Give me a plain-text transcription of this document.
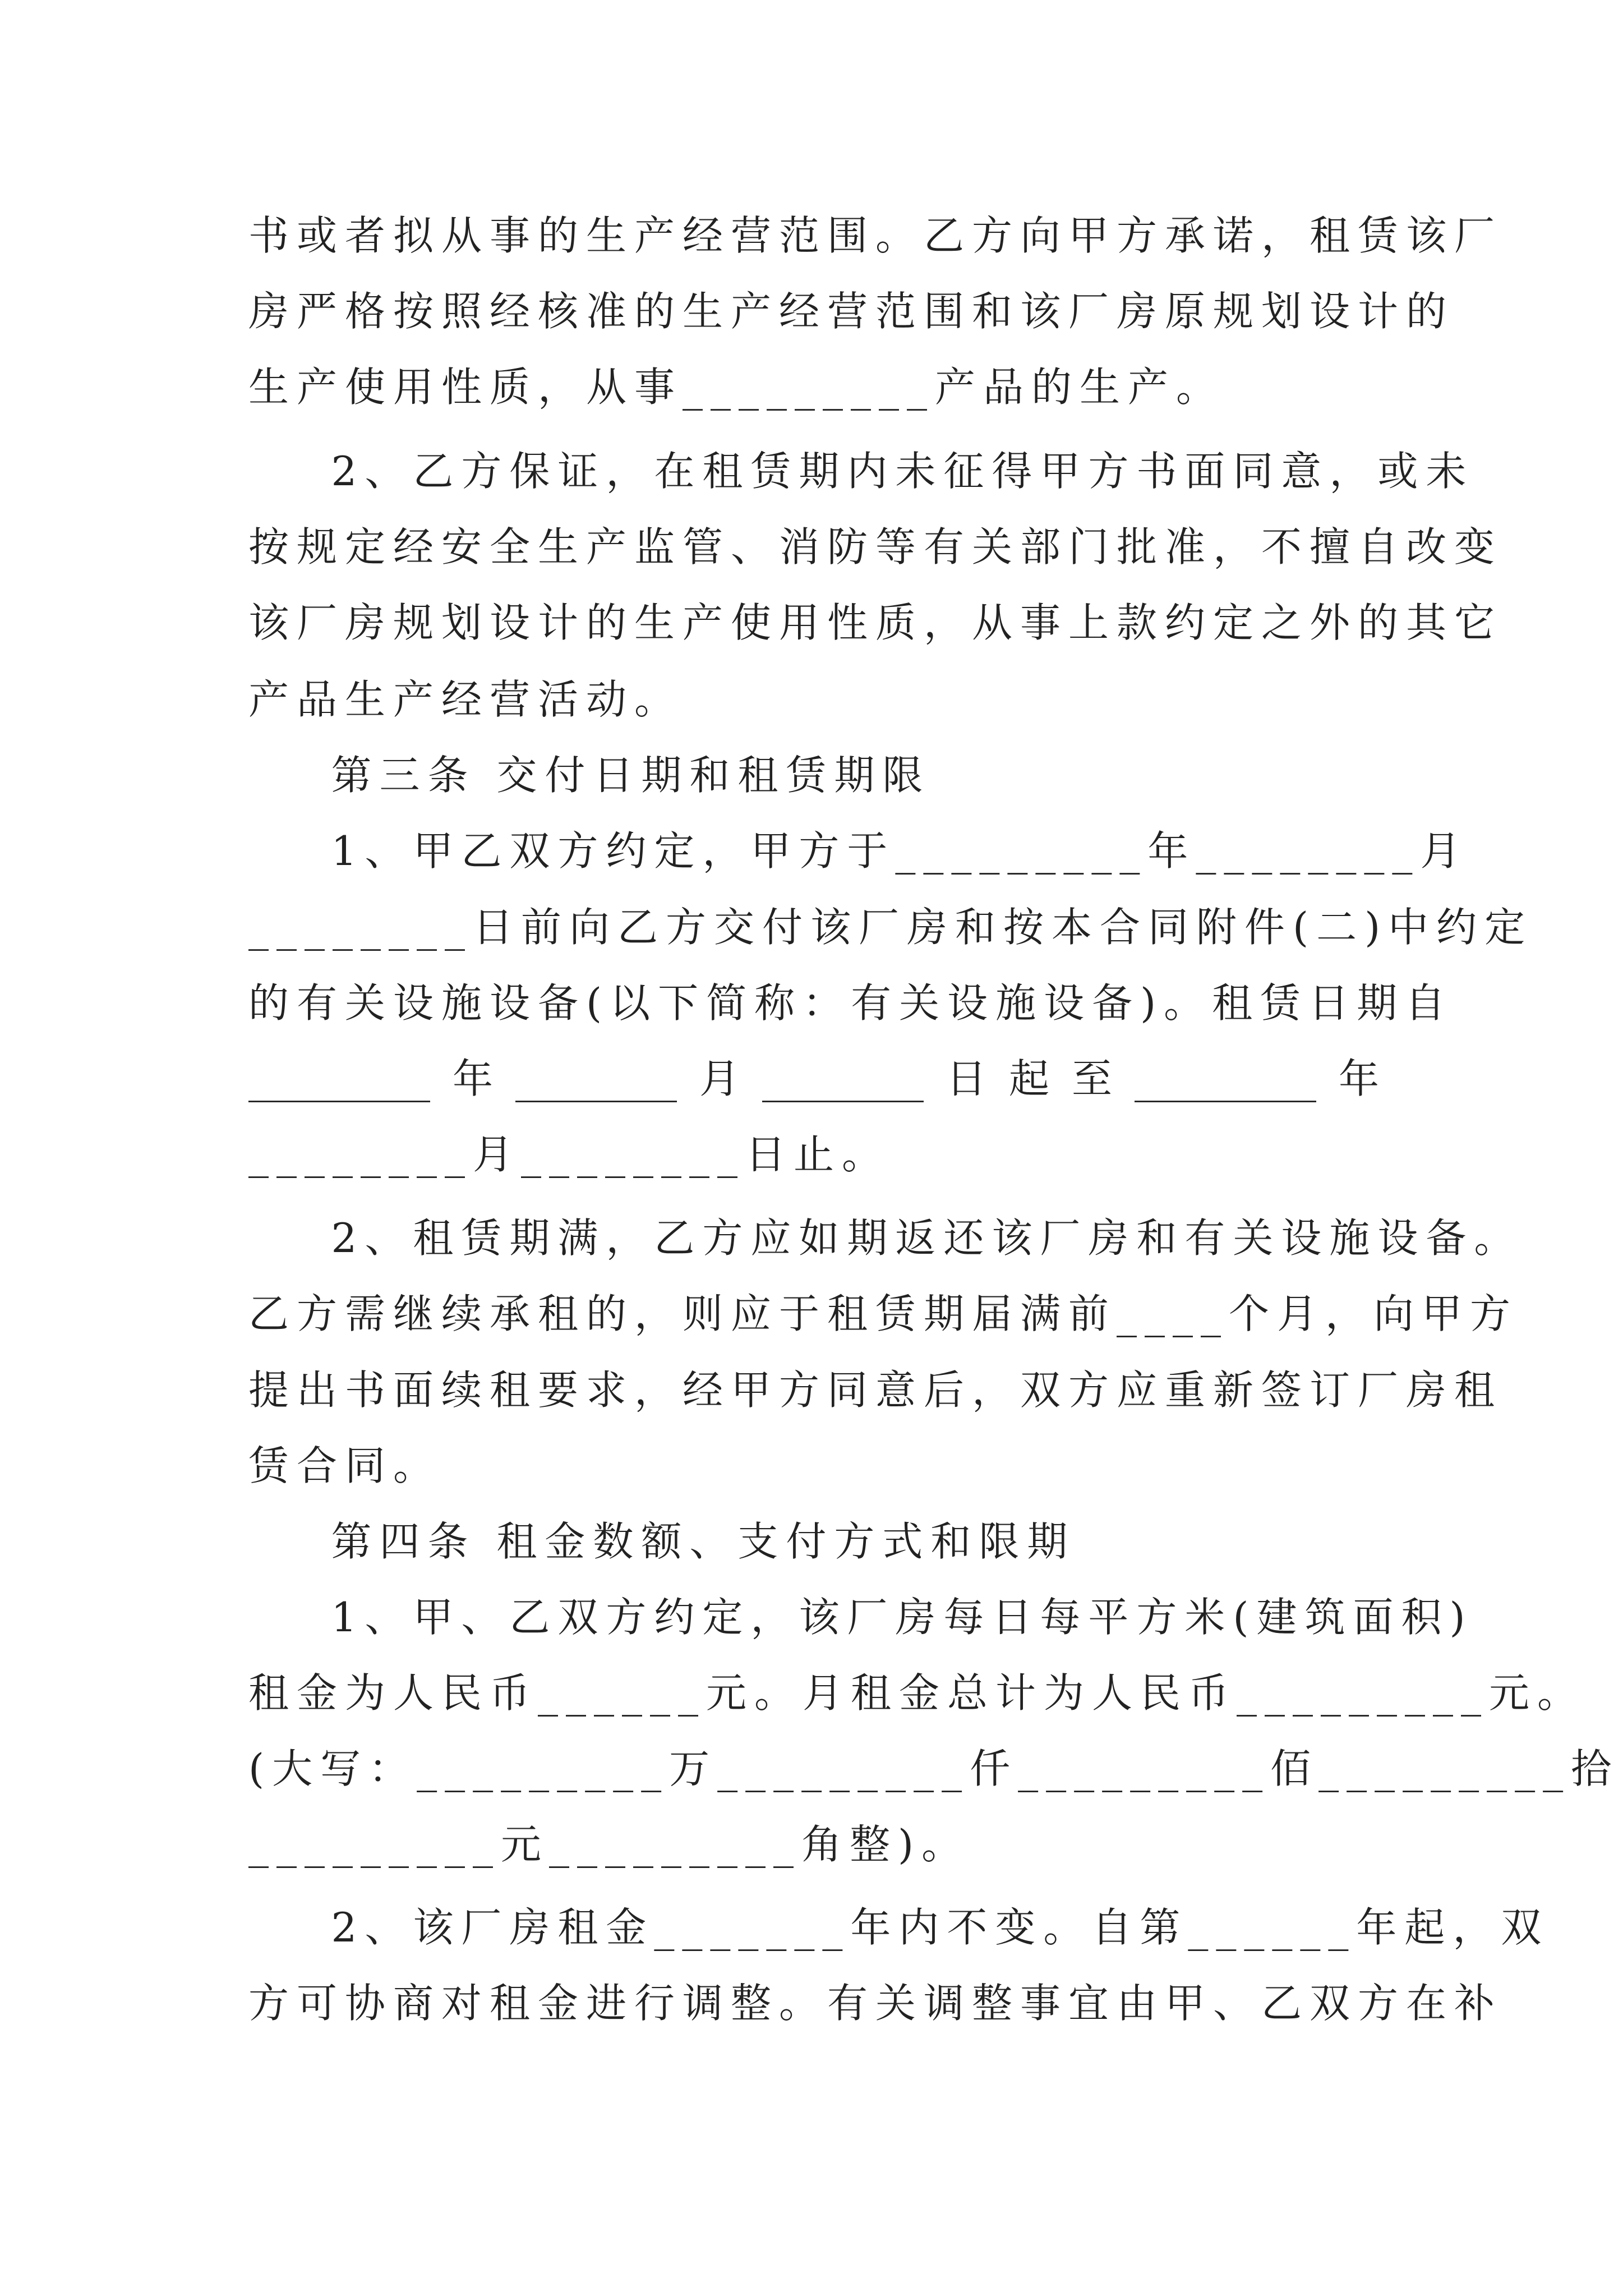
书或者拟从事的生产经营范围。乙方向甲方承诺，租赁该厂
房严格按照经核准的生产经营范围和该厂房原规划设计的
生产使用性质，从事_________产品的生产。
2、乙方保证，在租赁期内未征得甲方书面同意，或未
按规定经安全生产监管、消防等有关部门批准，不擅自改变
该厂房规划设计的生产使用性质，从事上款约定之外的其它
产品生产经营活动。
第三条 交付日期和租赁期限
1、甲乙双方约定，甲方于_________年________月
________日前向乙方交付该厂房和按本合同附件(二)中约定
的有关设施设备(以下简称：有关设施设备)。租赁日期自
_________ 年 ________ 月 ________ 日 起 至 _________ 年
________月________日止。
2、租赁期满，乙方应如期返还该厂房和有关设施设备。
乙方需继续承租的，则应于租赁期届满前____个月，向甲方
提出书面续租要求，经甲方同意后，双方应重新签订厂房租
赁合同。
第四条 租金数额、支付方式和限期
1、甲、乙双方约定，该厂房每日每平方米(建筑面积)
租金为人民币______元。月租金总计为人民币_________元。
(大写：_________万_________仟_________佰_________拾
_________元_________角整)。
2、该厂房租金_______年内不变。自第______年起，双
方可协商对租金进行调整。有关调整事宜由甲、乙双方在补
